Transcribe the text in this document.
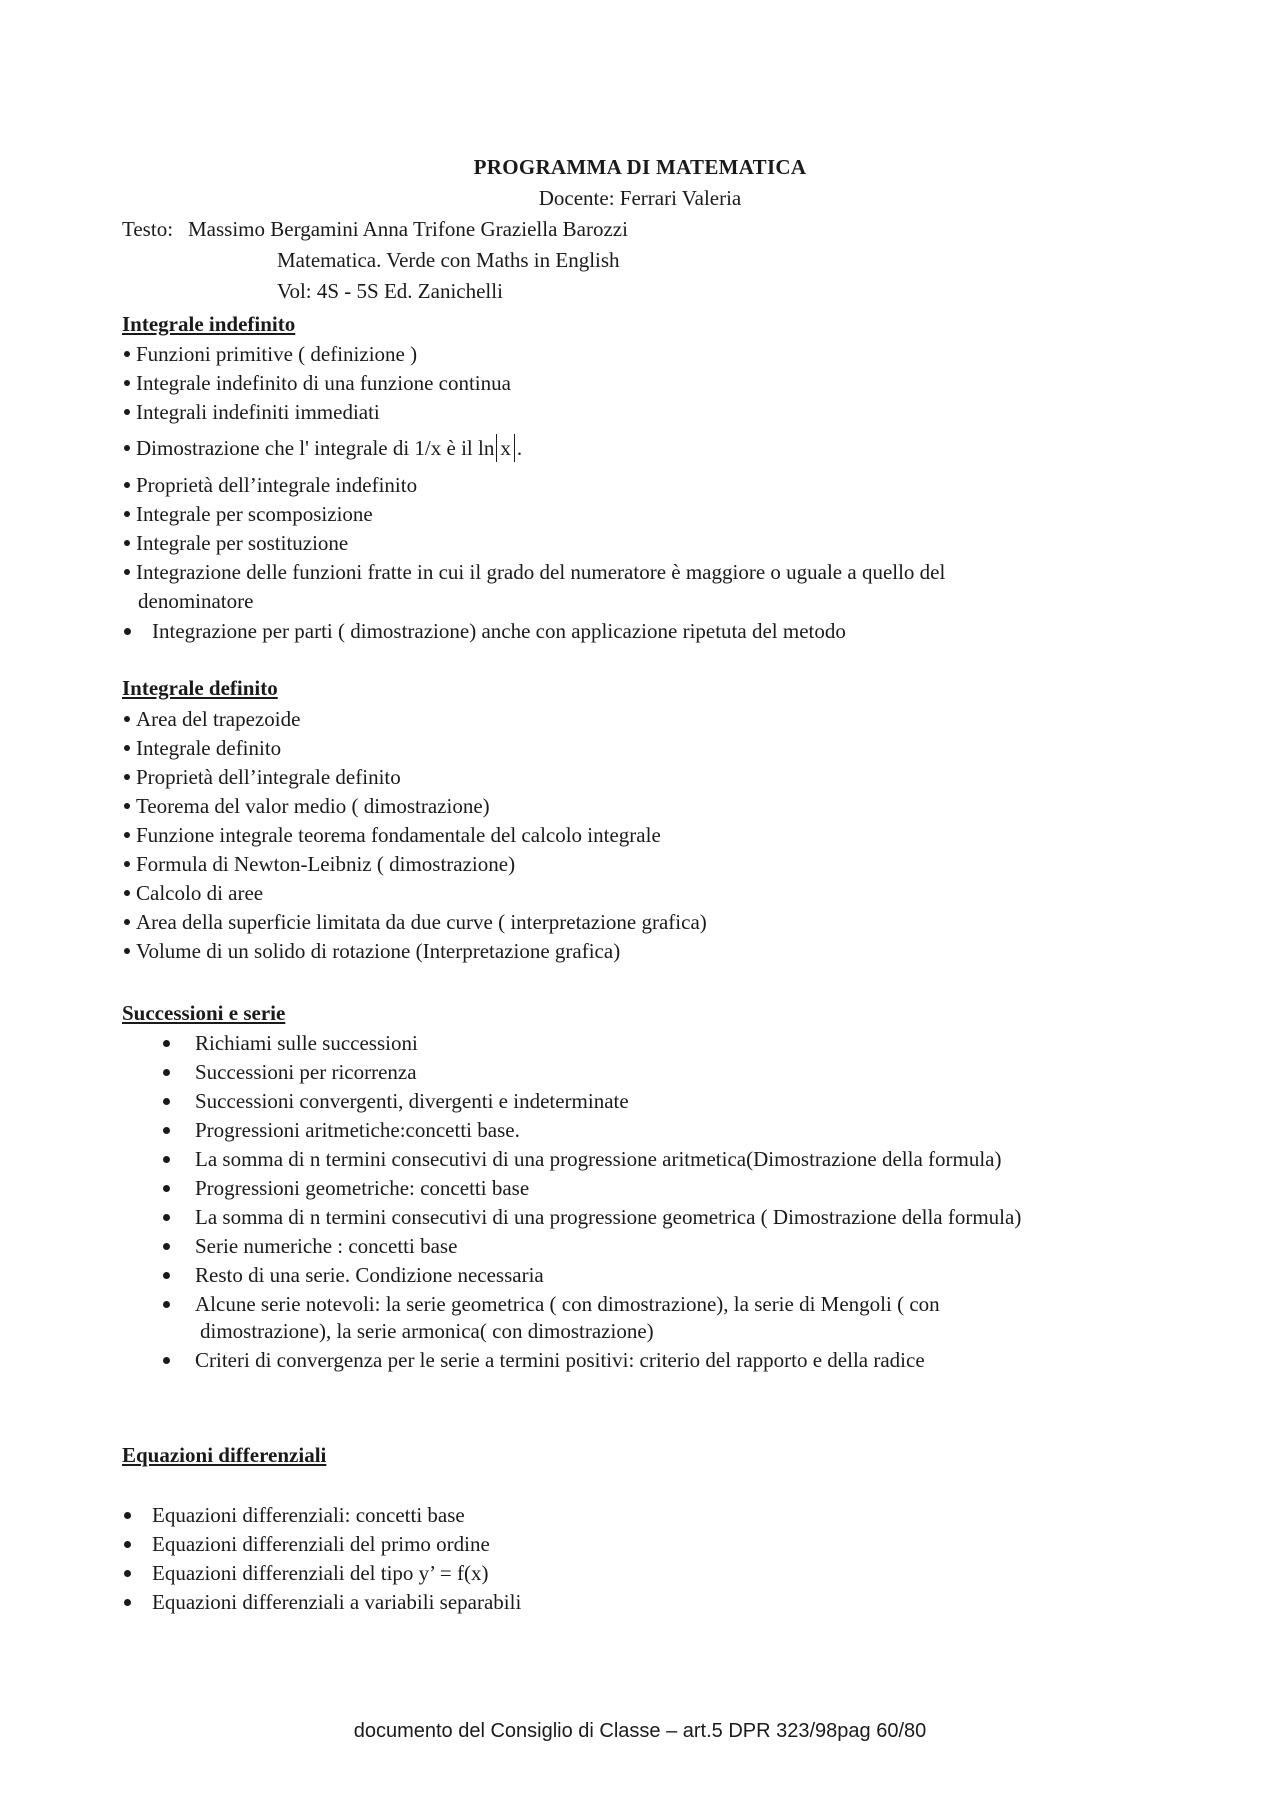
PROGRAMMA DI MATEMATICA
Docente: Ferrari Valeria
Testo: Massimo Bergamini Anna Trifone Graziella Barozzi
Matematica. Verde con Maths in English
Vol: 4S - 5S Ed. Zanichelli
Integrale indefinito
Funzioni primitive ( definizione )
Integrale indefinito di una funzione continua
Integrali indefiniti immediati
Dimostrazione che l' integrale di 1/x è il ln x .
Proprietà dell’integrale indefinito
Integrale per scomposizione
Integrale per sostituzione
Integrazione delle funzioni fratte in cui il grado del numeratore è maggiore o uguale a quello del
denominatore
Integrazione per parti ( dimostrazione) anche con applicazione ripetuta del metodo
Integrale definito
Area del trapezoide
Integrale definito
Proprietà dell’integrale definito
Teorema del valor medio ( dimostrazione)
Funzione integrale teorema fondamentale del calcolo integrale
Formula di Newton-Leibniz ( dimostrazione)
Calcolo di aree
Area della superficie limitata da due curve ( interpretazione grafica)
Volume di un solido di rotazione (Interpretazione grafica)
Successioni e serie
Richiami sulle successioni
Successioni per ricorrenza
Successioni convergenti, divergenti e indeterminate
Progressioni aritmetiche:concetti base.
La somma di n termini consecutivi di una progressione aritmetica(Dimostrazione della formula)
Progressioni geometriche: concetti base
La somma di n termini consecutivi di una progressione geometrica ( Dimostrazione della formula)
Serie numeriche : concetti base
Resto di una serie. Condizione necessaria
Alcune serie notevoli: la serie geometrica ( con dimostrazione), la serie di Mengoli ( con
dimostrazione), la serie armonica( con dimostrazione)
Criteri di convergenza per le serie a termini positivi: criterio del rapporto e della radice
Equazioni differenziali
Equazioni differenziali: concetti base
Equazioni differenziali del primo ordine
Equazioni differenziali del tipo y’ = f(x)
Equazioni differenziali a variabili separabili
documento del Consiglio di Classe – art.5 DPR 323/98pag 60/80
